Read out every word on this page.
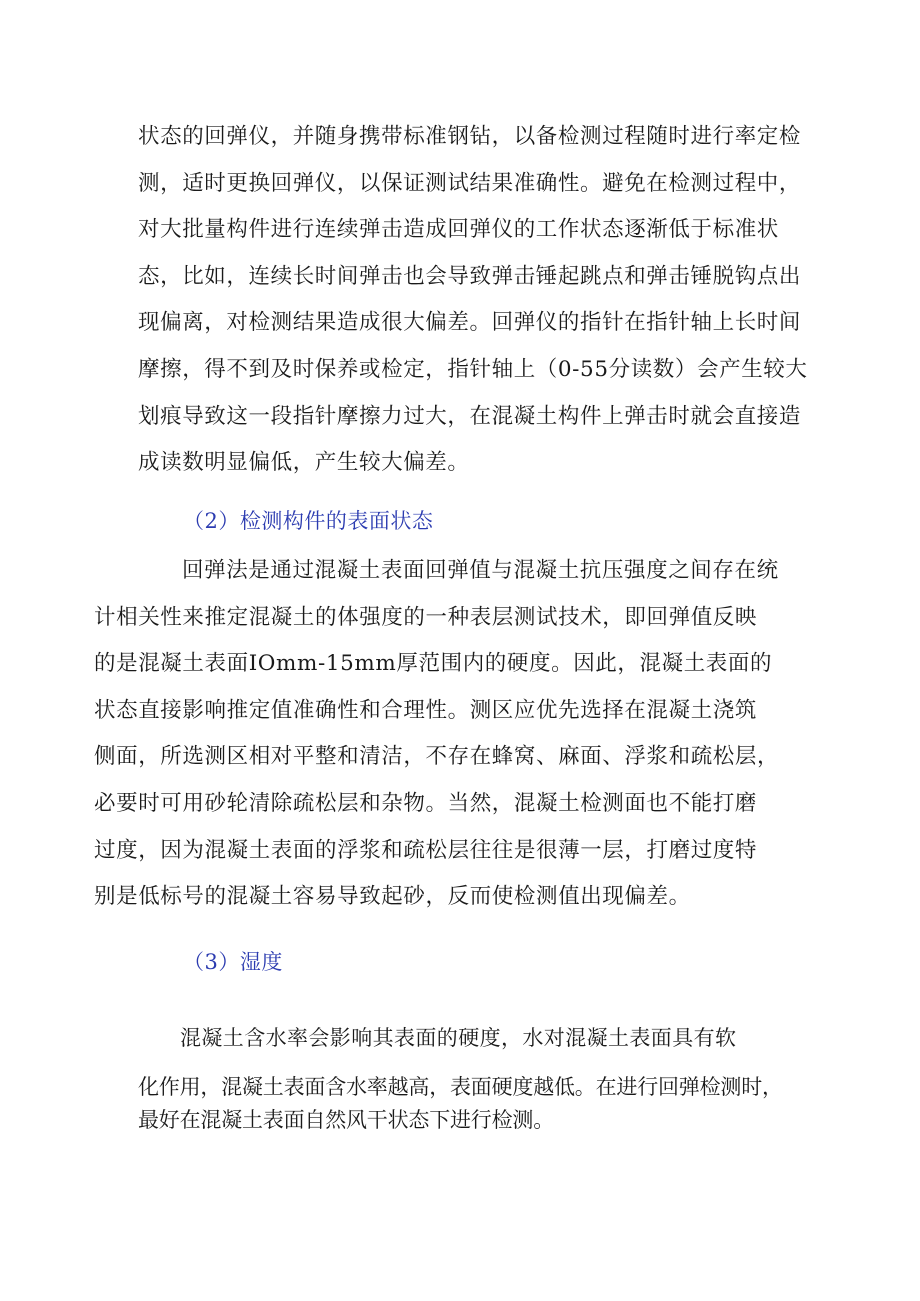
状态的回弹仪，并随身携带标准钢钻，以备检测过程随时进行率定检
测，适时更换回弹仪，以保证测试结果准确性。避免在检测过程中，
对大批量构件进行连续弹击造成回弹仪的工作状态逐渐低于标准状
态，比如，连续长时间弹击也会导致弹击锤起跳点和弹击锤脱钩点出
现偏离，对检测结果造成很大偏差。回弹仪的指针在指针轴上长时间
摩擦，得不到及时保养或检定，指针轴上（0-55分读数）会产生较大
划痕导致这一段指针摩擦力过大，在混凝土构件上弹击时就会直接造
成读数明显偏低，产生较大偏差。

（2）检测构件的表面状态

回弹法是通过混凝土表面回弹值与混凝土抗压强度之间存在统
计相关性来推定混凝土的体强度的一种表层测试技术，即回弹值反映
的是混凝土表面IOmm-15mm厚范围内的硬度。因此，混凝土表面的
状态直接影响推定值准确性和合理性。测区应优先选择在混凝土浇筑
侧面，所选测区相对平整和清洁，不存在蜂窝、麻面、浮浆和疏松层，
必要时可用砂轮清除疏松层和杂物。当然，混凝土检测面也不能打磨
过度，因为混凝土表面的浮浆和疏松层往往是很薄一层，打磨过度特
别是低标号的混凝土容易导致起砂，反而使检测值出现偏差。

（3）湿度

混凝土含水率会影响其表面的硬度，水对混凝土表面具有软

化作用，混凝土表面含水率越高，表面硬度越低。在进行回弹检测时，
最好在混凝土表面自然风干状态下进行检测。
